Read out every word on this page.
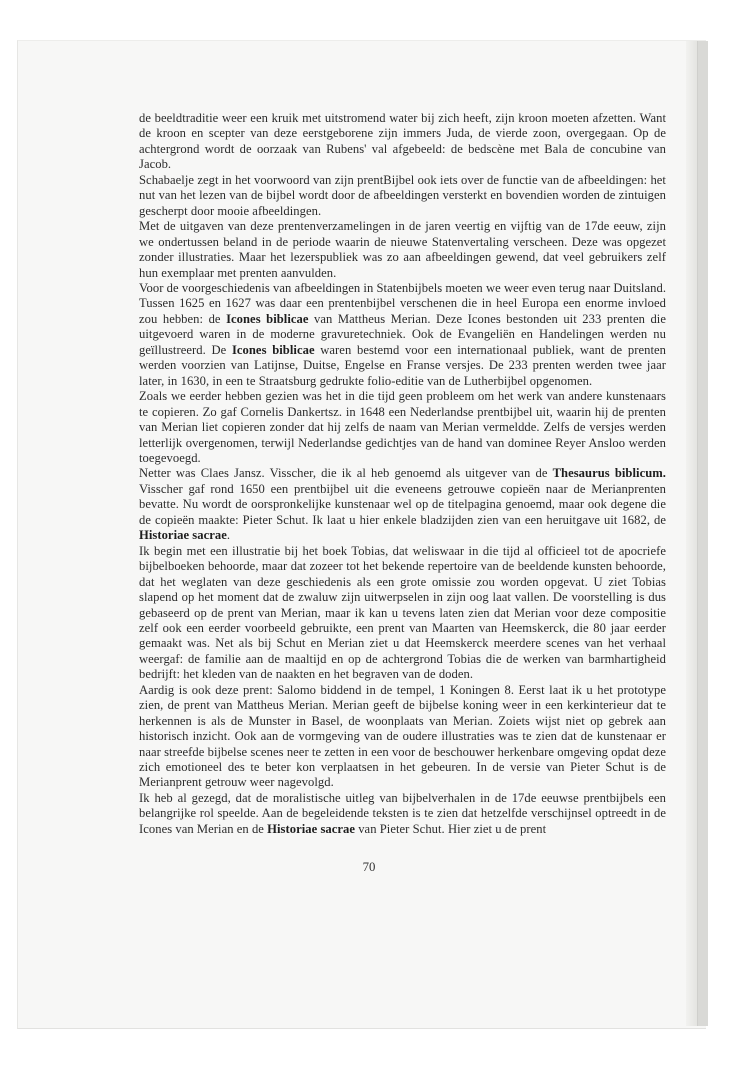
de beeldtraditie weer een kruik met uitstromend water bij zich heeft, zijn kroon moeten afzetten. Want de kroon en scepter van deze eerstgeborene zijn immers Juda, de vierde zoon, overgegaan. Op de achtergrond wordt de oorzaak van Rubens' val afgebeeld: de bedscène met Bala de concubine van Jacob.

Schabaelje zegt in het voorwoord van zijn prentBijbel ook iets over de functie van de afbeeldingen: het nut van het lezen van de bijbel wordt door de afbeeldingen versterkt en bovendien worden de zintuigen gescherpt door mooie afbeeldingen.

Met de uitgaven van deze prentenverzamelingen in de jaren veertig en vijftig van de 17de eeuw, zijn we ondertussen beland in de periode waarin de nieuwe Statenvertaling verscheen. Deze was opgezet zonder illustraties. Maar het lezerspubliek was zo aan afbeeldingen gewend, dat veel gebruikers zelf hun exemplaar met prenten aanvulden.

Voor de voorgeschiedenis van afbeeldingen in Statenbijbels moeten we weer even terug naar Duitsland. Tussen 1625 en 1627 was daar een prentenbijbel verschenen die in heel Europa een enorme invloed zou hebben: de Icones biblicae van Mattheus Merian. Deze Icones bestonden uit 233 prenten die uitgevoerd waren in de moderne gravuretechniek. Ook de Evangeliën en Handelingen werden nu geïllustreerd. De Icones biblicae waren bestemd voor een internationaal publiek, want de prenten werden voorzien van Latijnse, Duitse, Engelse en Franse versjes. De 233 prenten werden twee jaar later, in 1630, in een te Straatsburg gedrukte folio-editie van de Lutherbijbel opgenomen.

Zoals we eerder hebben gezien was het in die tijd geen probleem om het werk van andere kunstenaars te copieren. Zo gaf Cornelis Dankertsz. in 1648 een Nederlandse prentbijbel uit, waarin hij de prenten van Merian liet copieren zonder dat hij zelfs de naam van Merian vermeldde. Zelfs de versjes werden letterlijk overgenomen, terwijl Nederlandse gedichtjes van de hand van dominee Reyer Ansloo werden toegevoegd.

Netter was Claes Jansz. Visscher, die ik al heb genoemd als uitgever van de Thesaurus biblicum. Visscher gaf rond 1650 een prentbijbel uit die eveneens getrouwe copieën naar de Merianprenten bevatte. Nu wordt de oorspronkelijke kunstenaar wel op de titelpagina genoemd, maar ook degene die de copieën maakte: Pieter Schut. Ik laat u hier enkele bladzijden zien van een heruitgave uit 1682, de Historiae sacrae.

Ik begin met een illustratie bij het boek Tobias, dat weliswaar in die tijd al officieel tot de apocriefe bijbelboeken behoorde, maar dat zozeer tot het bekende repertoire van de beeldende kunsten behoorde, dat het weglaten van deze geschiedenis als een grote omissie zou worden opgevat. U ziet Tobias slapend op het moment dat de zwaluw zijn uitwerpselen in zijn oog laat vallen. De voorstelling is dus gebaseerd op de prent van Merian, maar ik kan u tevens laten zien dat Merian voor deze compositie zelf ook een eerder voorbeeld gebruikte, een prent van Maarten van Heemskerck, die 80 jaar eerder gemaakt was. Net als bij Schut en Merian ziet u dat Heemskerck meerdere scenes van het verhaal weergaf: de familie aan de maaltijd en op de achtergrond Tobias die de werken van barmhartigheid bedrijft: het kleden van de naakten en het begraven van de doden.

Aardig is ook deze prent: Salomo biddend in de tempel, 1 Koningen 8. Eerst laat ik u het prototype zien, de prent van Mattheus Merian. Merian geeft de bijbelse koning weer in een kerkinterieur dat te herkennen is als de Munster in Basel, de woonplaats van Merian. Zoiets wijst niet op gebrek aan historisch inzicht. Ook aan de vormgeving van de oudere illustraties was te zien dat de kunstenaar er naar streefde bijbelse scenes neer te zetten in een voor de beschouwer herkenbare omgeving opdat deze zich emotioneel des te beter kon verplaatsen in het gebeuren. In de versie van Pieter Schut is de Merianprent getrouw weer nagevolgd.

Ik heb al gezegd, dat de moralistische uitleg van bijbelverhalen in de 17de eeuwse prentbijbels een belangrijke rol speelde. Aan de begeleidende teksten is te zien dat hetzelfde verschijnsel optreedt in de Icones van Merian en de Historiae sacrae van Pieter Schut. Hier ziet u de prent

70
